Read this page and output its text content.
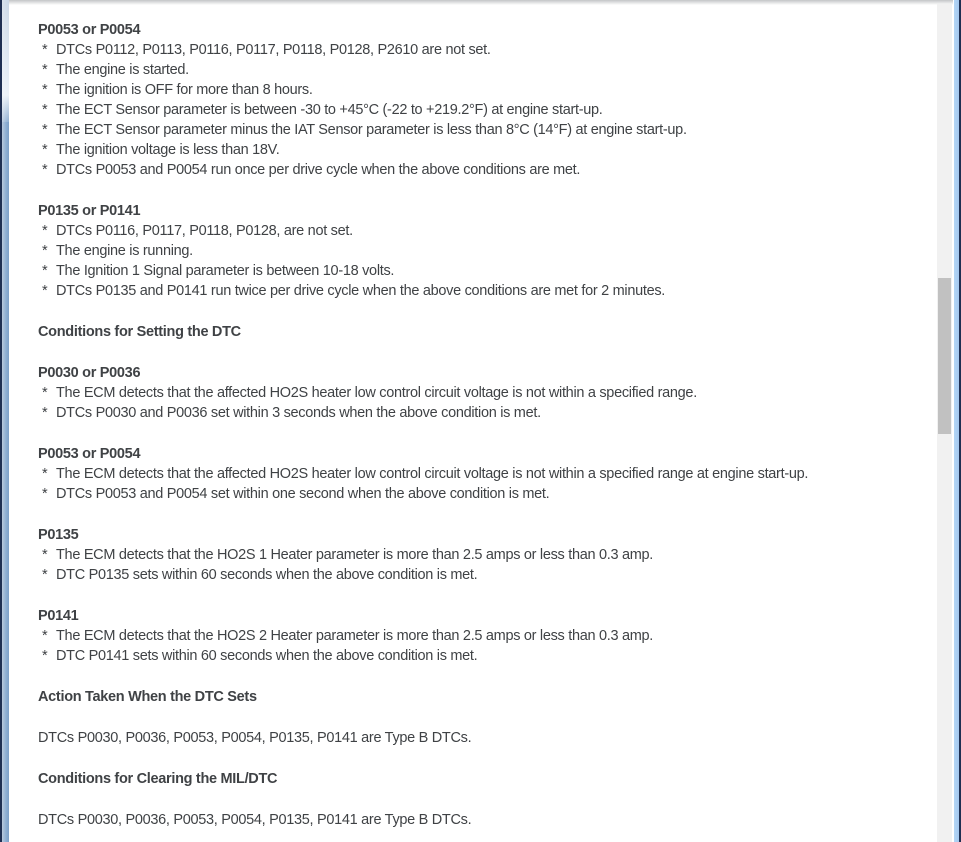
P0053 or P0054
* DTCs P0112, P0113, P0116, P0117, P0118, P0128, P2610 are not set.
* The engine is started.
* The ignition is OFF for more than 8 hours.
* The ECT Sensor parameter is between -30 to +45°C (-22 to +219.2°F) at engine start-up.
* The ECT Sensor parameter minus the IAT Sensor parameter is less than 8°C (14°F) at engine start-up.
* The ignition voltage is less than 18V.
* DTCs P0053 and P0054 run once per drive cycle when the above conditions are met.
P0135 or P0141
* DTCs P0116, P0117, P0118, P0128, are not set.
* The engine is running.
* The Ignition 1 Signal parameter is between 10-18 volts.
* DTCs P0135 and P0141 run twice per drive cycle when the above conditions are met for 2 minutes.
Conditions for Setting the DTC
P0030 or P0036
* The ECM detects that the affected HO2S heater low control circuit voltage is not within a specified range.
* DTCs P0030 and P0036 set within 3 seconds when the above condition is met.
P0053 or P0054
* The ECM detects that the affected HO2S heater low control circuit voltage is not within a specified range at engine start-up.
* DTCs P0053 and P0054 set within one second when the above condition is met.
P0135
* The ECM detects that the HO2S 1 Heater parameter is more than 2.5 amps or less than 0.3 amp.
* DTC P0135 sets within 60 seconds when the above condition is met.
P0141
* The ECM detects that the HO2S 2 Heater parameter is more than 2.5 amps or less than 0.3 amp.
* DTC P0141 sets within 60 seconds when the above condition is met.
Action Taken When the DTC Sets
DTCs P0030, P0036, P0053, P0054, P0135, P0141 are Type B DTCs.
Conditions for Clearing the MIL/DTC
DTCs P0030, P0036, P0053, P0054, P0135, P0141 are Type B DTCs.
